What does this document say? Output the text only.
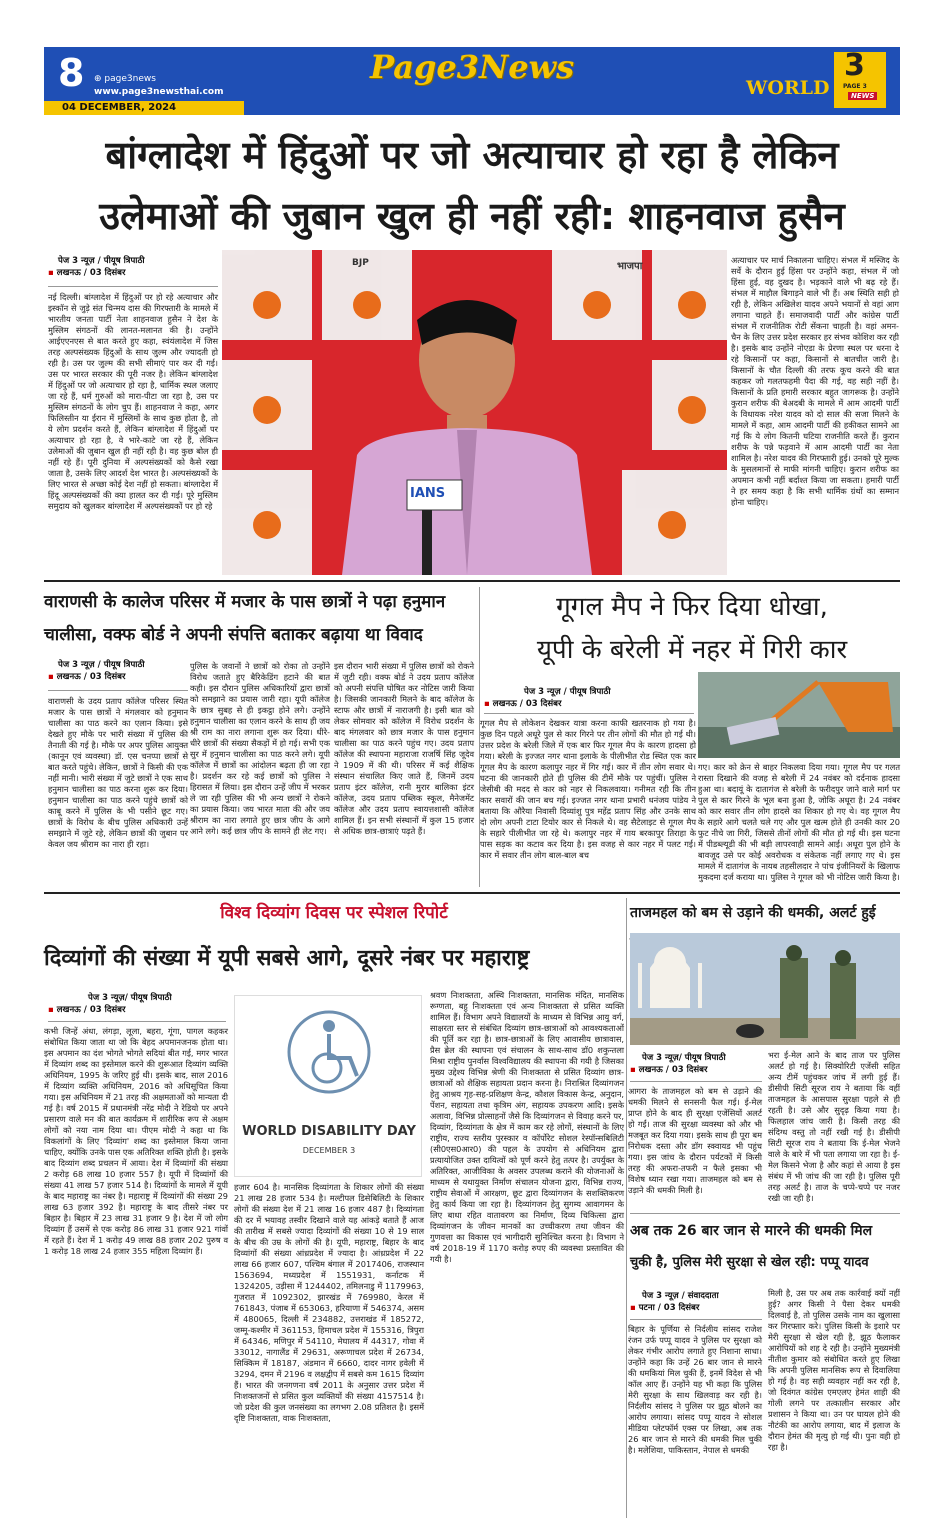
8 ⊕ page3news
www.page3newsthai.com	WORLD
3
PAGE 3
NEWS
04 DECEMBER, 2024
Page3News
बांग्लादेश में हिंदुओं पर जो अत्याचार हो रहा है लेकिन
उलेमाओं की जुबान खुल ही नहीं रही: शाहनवाज हुसैन
पेज 3 न्यूज़ / पीयूष त्रिपाठी
▪ लखनऊ / 03 दिसंबर
नई दिल्ली। बांग्लादेश में हिंदुओं पर हो रहे अत्याचार और इस्कॉन से जुड़े संत चिन्मय दास की गिरफ्तारी के मामले में भारतीय जनता पार्टी नेता शाहनवाज हुसैन ने देश के मुस्लिम संगठनों की लानत-मलानत की है। उन्होंने आईएएनएस से बात करते हुए कहा, स्वंयंलादेश में जिस तरह अल्पसंख्यक हिंदुओं के साथ जुल्म और ज्यादती हो रही है। उस पर जुल्म की सभी सीमाएं पार कर दी गई। उस पर भारत सरकार की पूरी नजर है। लेकिन बांग्लादेश में हिंदुओं पर जो अत्याचार हो रहा है, धार्मिक स्थल जलाए जा रहे हैं, धर्म गुरुओं को मारा-पीटा जा रहा है, उस पर मुस्लिम संगठनों के लोग चुप हैं। शाहनवाज ने कहा, अगर फिलिस्तीन या ईरान में मुस्लिमों के साथ कुछ होता है, तो ये लोग प्रदर्शन करते हैं, लेकिन बांग्लादेश में हिंदुओं पर अत्याचार हो रहा है, वे भारे-काटे जा रहे हैं, लेकिन उलेमाओं की जुबान खुल ही नहीं रही है। वह कुछ बोल ही नहीं रहे हैं। पूरी दुनिया में अल्पसंख्यकों को कैसे रखा जाता है, उसके लिए आदर्श देश भारत है। अल्पसंख्यकों के लिए भारत से अच्छा कोई देश नहीं हो सकता। बांग्लादेश में हिंदू अल्पसंख्यकों की क्या हालत कर दी गई। पूरे मुस्लिम समुदाय को खुलकर बांग्लादेश में अल्पसंख्यकों पर हो रहे
IANS
BJP	भाजपा
अत्याचार पर मार्च निकालना चाहिए। संभल में मस्जिद के सर्वे के दौरान हुई हिंसा पर उन्होंने कहा, संभल में जो हिंसा हुई, वह दुखद है। भड़काने वाले भी बढ़ रहे हैं। संभल में माहौल बिगाड़ने वाले भी हैं। अब स्थिति सही हो रही है, लेकिन अखिलेश यादव अपने भयानों से वहां आग लगाना चाहते हैं। समाजवादी पार्टी और कांग्रेस पार्टी संभल में राजनीतिक रोटी सेंकना चाहती है। वहां अमन-चैन के लिए उत्तर प्रदेश सरकार हर संभव कोशिश कर रही है। इसके बाद उन्होंने नोएडा के प्रेरणा स्थल पर धरना दे रहे किसानों पर कहा, किसानों से बातचीत जारी है। किसानों के चौत दिल्ली की तरफ कूच करने की बात कहकर जो गलतफहमी पैदा की गई, वह सही नहीं है। किसानों के प्रति हमारी सरकार बहुत जागरूक है। उन्होंने कुरान शरीफ की बेअदबी के मामले में आम आदमी पार्टी के विधायक नरेश यादव को दो साल की सजा मिलने के मामले में कहा, आम आदमी पार्टी की हकीकत सामने आ गई कि ये लोग कितनी घटिया राजनीति करते हैं। कुरान शरीफ के पन्ने फड़वाने में आम आदमी पार्टी का नेता शामिल है। नरेश यादव की गिरफ्तारी हुई। उनको पूरे मुल्क के मुसलमानों से माफी मांगनी चाहिए। कुरान शरीफ का अपमान कभी नहीं बर्दाश्त किया जा सकता। हमारी पार्टी ने हर समय कहा है कि सभी धार्मिक ग्रंथों का सम्मान होना चाहिए।
वाराणसी के कालेज परिसर में मजार के पास छात्रों ने पढ़ा हनुमान
चालीसा, वक्फ बोर्ड ने अपनी संपत्ति बताकर बढ़ाया था विवाद
पेज 3 न्यूज़ / पीयूष त्रिपाठी
▪ लखनऊ / 03 दिसंबर
वाराणसी के उदय प्रताप कॉलेज परिसर स्थित मजार के पास छात्रों ने मंगलवार को हनुमान चालीसा का पाठ करने का एलान किया। इसे देखते हुए मौके पर भारी संख्या में पुलिस की तैनाती की गई है। मौके पर अपर पुलिस आयुक्त (कानून एवं व्यवस्था) डॉ. एस चनप्पा छात्रों से बात करते पहुंचे। लेकिन, छात्रों ने किसी की एक नहीं मानी। भारी संख्या में जुटे छात्रों ने एक साथ हनुमान चालीसा का पाठ करना शुरू कर दिया। हनुमान चालीसा का पाठ करने पहुंचे छात्रों को काबू करने में पुलिस के भी पसीने छूट गए। छात्रों के विरोध के बीच पुलिस अधिकारी उन्हें समझाने में जुटे रहे, लेकिन छात्रों की जुबान पर केवल जय श्रीराम का नारा ही रहा।
पुलिस के जवानों ने छात्रों को रोका तो उन्होंने विरोध जताते हुए बैरिकेडिंग हटाने की बात कही। इस दौरान पुलिस अधिकारियों द्वारा छात्रों को समझाने का प्रयास जारी रहा। यूपी कॉलेज के छात्र सुबह से ही इकट्ठा होने लगे। उन्होंने हनुमान चालीसा का एलान करने के साथ ही जय श्री राम का नारा लगाना शुरू कर दिया। धीरे-धीरे छात्रों की संख्या सैकड़ों में हो गई। सभी एक सुर में हनुमान चालीसा का पाठ करने लगे। यूपी कॉलेज में छात्रों का आंदोलन बढ़ता ही जा रहा है। प्रदर्शन कर रहे कई छात्रों को पुलिस ने हिरासत में लिया। इस दौरान उन्हें जीप में भरकर ले जा रही पुलिस की भी अन्य छात्रों ने रोकने का प्रयास किया। जय भारत माता की और जय श्रीराम का नारा लगाते हुए छात्र जीप के आगे आने लगे। कई छात्र जीप के सामने ही लेट गए।
इस दौरान भारी संख्या में पुलिस छात्रों को रोकने में जुटी रही। वक्फ बोर्ड ने उदय प्रताप कॉलेज को अपनी संपत्ति घोषित कर नोटिस जारी किया है। जिसकी जानकारी मिलने के बाद कॉलेज के स्टाफ और छात्रों में नाराजगी है। इसी बात को लेकर सोमवार को कॉलेज में विरोध प्रदर्शन के बाद मंगलवार को छात्र मजार के पास हनुमान चालीसा का पाठ करने पहुंच गए। उदय प्रताप कॉलेज की स्थापना महाराजा राजर्षि सिंह जूदेव ने 1909 में की थी। परिसर में कई शैक्षिक संस्थान संचालित किए जाते हैं, जिनमें उदय प्रताप इंटर कॉलेज, रानी मुरार बालिका इंटर कॉलेज, उदय प्रताप पब्लिक स्कूल, मैनेजमेंट कॉलेज और उदय प्रताप स्वायत्तशासी कॉलेज शामिल हैं। इन सभी संस्थानों में कुल 15 हजार से अधिक छात्र-छात्राएं पढ़ते हैं।
गूगल मैप ने फिर दिया धोखा,
यूपी के बरेली में नहर में गिरी कार
पेज 3 न्यूज़ / पीयूष त्रिपाठी
▪ लखनऊ / 03 दिसंबर
गूगल मैप से लोकेशन देखकर यात्रा करना काफी खतरनाक हो गया है। कुछ दिन पहले अधूरे पुल से कार गिरने पर तीन लोगों की मौत हो गई थी। उत्तर प्रदेश के बरेली जिले में एक बार फिर गूगल मैप के कारण हादसा हो गया। बरेली के इज्जत नगर थाना इलाके के पीलीभीत रोड स्थित एक कार गूगल मैप के कारण कलापुर नहर में गिर गई। कार में तीन लोग सवार थे। घटना की जानकारी होते ही पुलिस की टीमें मौके पर पहुंचीं। पुलिस ने जेसीबी की मदद से कार को नहर से निकलवाया। गनीमत रही कि तीन कार सवारों की जान बच गई। इज्जत नगर थाना प्रभारी धनंजय पांडेय ने बताया कि औरैया निवासी दिव्यांशु पुत्र महेंद्र प्रताप सिंह और उनके साथ दो लोग अपनी टाटा टियोर कार से निकले थे। वह सैटेलाइट से गूगल मैप के सहारे पीलीभीत जा रहे थे। कलापुर नहर में गाय बरकापुर तिराहा के पास सड़क का कटाव कर दिया है। इस वजह से कार नहर में पलट गई। कार में सवार तीन लोग बाल-बाल बच
गए। कार को क्रेन से बाहर निकलवा दिया गया। गूगल मैप पर गलत रास्ता दिखाने की वजह से बरेली में 24 नवंबर को दर्दनाक हादसा हुआ था। बदायूं के दातागंज से बरेली के फरीदपुर जाने वाले मार्ग पर पुल से कार गिरने के भूल बना हुआ है, जोकि अधूरा है। 24 नवंबर को कार सवार तीन लोग हादसे का शिकार हो गए थे। वह गूगल मैप के सहारे आगे चलते चले गए और पुल खत्म होते ही उनकी कार 20 फुट नीचे जा गिरी, जिससे तीनों लोगों की मौत हो गई थी। इस घटना में पीडब्ल्यूडी की भी बड़ी लापरवाही सामने आई। अधूरा पुल होने के बावजूद उसे पर कोई अवरोधक व संकेतक नहीं लगाए गए थे। इस मामले में दातागंज के नायब तहसीलदार ने पांच इंजीनियरों के खिलाफ मुकदमा दर्ज कराया था। पुलिस ने गूगल को भी नोटिस जारी किया है।
विश्व दिव्यांग दिवस पर स्पेशल रिपोर्ट
दिव्यांगों की संख्या में यूपी सबसे आगे, दूसरे नंबर पर महाराष्ट्र
पेज 3 न्यूज़/ पीयूष त्रिपाठी
▪ लखनऊ / 03 दिसंबर
कभी जिन्हें अंधा, लंगड़ा, लूला, बहरा, गूंगा, पागल कहकर संबोधित किया जाता था जो कि बेहद अपमानजनक होता था। इस अपमान का दंश भोगते भोगते सदियां बीत गई, मगर भारत में दिव्यांग शब्द का इस्तेमाल करने की शुरूआत दिव्यांग व्यक्ति अधिनियम, 1995 के जरिए हुई थी। इसके बाद, साल 2016 में दिव्यांग व्यक्ति अधिनियम, 2016 को अधिसूचित किया गया। इस अधिनियम में 21 तरह की अक्षमताओं को मान्यता दी गई है। वर्ष 2015 में प्रधानमंत्री नरेंद्र मोदी ने रेडियो पर अपने प्रसारण वाले मन की बात कार्यक्रम में शारीरिक रूप से अक्षम लोगों को नया नाम दिया था। पीएम मोदी ने कहा था कि विकलांगों के लिए 'दिव्यांग' शब्द का इस्तेमाल किया जाना चाहिए, क्योंकि उनके पास एक अतिरिक्त शक्ति होती है। इसके बाद दिव्यांग शब्द प्रचलन में आया। देश में दिव्यांगों की संख्या 2 करोड़ 68 लाख 10 हजार 557 है। यूपी में दिव्यांगों की संख्या 41 लाख 57 हजार 514 है। दिव्यांगों के मामले में यूपी के बाद महाराष्ट्र का नंबर है। महाराष्ट्र में दिव्यांगों की संख्या 29 लाख 63 हजार 392 है। महाराष्ट्र के बाद तीसरे नंबर पर बिहार है। बिहार में 23 लाख 31 हजार 9 है। देश में जो लोग दिव्यांग हैं उसमें से एक करोड़ 86 लाख 31 हजार 921 गांवों में रहते हैं। देश में 1 करोड़ 49 लाख 88 हजार 202 पुरुष व 1 करोड़ 18 लाख 24 हजार 355 महिला दिव्यांग हैं।
WORLD DISABILITY DAY
DECEMBER 3
हजार 604 है। मानसिक दिव्यांगता के शिकार लोगों की संख्या 21 लाख 28 हजार 534 है। मल्टीपल डिसेबिलिटी के शिकार लोगों की संख्या देश में 21 लाख 16 हजार 487 है। दिव्यांगता की दर में भयावह तस्वीर दिखाने वाले यह आंकड़े बताते हैं आज की तारीख में सबसे ज्यादा दिव्यांगों की संख्या 10 से 19 साल के बीच की उम्र के लोगों की है। यूपी, महाराष्ट्र, बिहार के बाद दिव्यांगों की संख्या आंध्रप्रदेश में ज्यादा है। आंध्रप्रदेश में 22 लाख 66 हजार 607, पश्चिम बंगाल में 2017406, राजस्थान 1563694, मध्यप्रदेश में 1551931, कर्नाटक में 1324205, उड़ीसा में 1244402, तमिलनाडु में 1179963, गुजरात में 1092302, झारखंड में 769980, केरल में 761843, पंजाब में 653063, हरियाणा में 546374, असम में 480065, दिल्ली में 234882, उत्तराखंड में 185272, जम्मू-कश्मीर में 361153, हिमाचल प्रदेश में 155316, त्रिपुरा में 64346, मणिपुर में 54110, मेघालय में 44317, गोवा में 33012, नागालैंड में 29631, अरूणाचल प्रदेश में 26734, सिक्किम में 18187, अंडमान में 6660, दादर नागर हवेली में 3294, दमन में 2196 व लक्षद्वीप में सबसे कम 1615 दिव्यांग हैं। भारत की जनगणना वर्ष 2011 के अनुसार उत्तर प्रदेश में निःशक्तजनों से प्रसित कुल व्यक्तियों की संख्या 4157514 है। जो प्रदेश की कुल जनसंख्या का लगभग 2.08 प्रतिशत है। इसमें दृष्टि निःशक्तता, वाक निःशक्तता,
श्रवण निःशक्तता, अस्थि निःशक्तता, मानसिक मंदित, मानसिक रूग्णता, बहु निःशक्तता एवं अन्य निःशक्तता से प्रसित व्यक्ति शामिल हैं। विभाग अपने विद्यालयों के माध्यम से विभिन्न आयु वर्ग, साक्षरता स्तर से संबंधित दिव्यांग छात्र-छात्राओं को आवश्यकताओं की पूर्ति कर रहा है। छात्र-छात्राओं के लिए आवासीय छात्रावास, प्रैस ब्रेल की स्थापना एवं संचालन के साथ-साथ डॉ0 शकुन्तला मिश्रा राष्ट्रीय पुनर्वास विश्वविद्यालय की स्थापना की गयी है जिसका मुख्य उद्देश्य विभिन्न श्रेणी की निःशक्तता से प्रसित दिव्यांग छात्र-छात्राओं को शैक्षिक सहायता प्रदान करना है। निराश्रित दिव्यांगजन हेतु आश्रय गृह-सह-प्रशिक्षण केन्द्र, कौशल विकास केन्द्र, अनुदान, पेंशन, सहायता तथा कृत्रिम अंग, सहायक उपकरण आदि। इसके अलावा, विभिन्न प्रोत्साहनों जैसे कि दिव्यांगजन से विवाह करने पर, दिव्यांग, दिव्यांगता के क्षेत्र में काम कर रहे लोगों, संस्थानों के लिए राष्ट्रीय, राज्य स्तरीय पुरस्कार व कॉर्पोरेट सोशल रेस्पॉन्सबिलिटी (सी0एस0आर0) की पहल के उपयोग से अधिनियम द्वारा प्रत्यायोजित उक्त दायित्वों को पूर्ण करने हेतु तत्पर है। उपर्युक्त के अतिरिक्त, आजीविका के अवसर उपलब्ध कराने की योजनाओं के माध्यम से यथायुक्त निर्माण संचालन योजना द्वारा, विभिन्न राज्य, राष्ट्रीय सेवाओं में आरक्षण, छूट द्वारा दिव्यांगजन के सशक्तिकरण हेतु कार्य किया जा रहा है। दिव्यांगजन हेतु सुगम्य आवागमन के लिए बाधा रहित वातावरण का निर्माण, दिव्य चिकित्सा द्वारा दिव्यांगजन के जीवन मानकों का उच्चीकरण तथा जीवन की गुणवत्ता का विकास एवं भागीदारी सुनिश्चित करना है। विभाग ने वर्ष 2018-19 में 1170 करोड़ रुपए की व्यवस्था प्रस्तावित की गयी है।
ताजमहल को बम से उड़ाने की धमकी, अलर्ट हुई
पेज 3 न्यूज़/ पीयूष त्रिपाठी
▪ लखनऊ / 03 दिसंबर
आगरा के ताजमहल को बम से उड़ाने की धमकी मिलने से सनसनी फैल गई। ई-मेल प्राप्त होने के बाद ही सुरक्षा एजेंसियों अलर्ट हो गईं। ताज की सुरक्षा व्यवस्था को और भी मजबूत कर दिया गया। इसके साथ ही पूरा बम निरोधक दस्ता और डॉग स्क्वायड भी पहुंच गया। इस जांच के दौरान पर्यटकों में किसी तरह की अफरा-तफरी न फैले इसका भी विशेष ध्यान रखा गया। ताजमहल को बम से उड़ाने की धमकी मिली है।
भरा ई-मेल आने के बाद ताज पर पुलिस अलर्ट हो गई है। सिक्योरिटी एजेंसी सहित अन्य टीमें पहुंचकर जांच में लगी हुई हैं। डीसीपी सिटी सूरज राय ने बताया कि वहीं ताजमहल के आसपास सुरक्षा पहले से ही रहती है। उसे और सुदृढ़ किया गया है। फिलहाल जांच जारी है। किसी तरह की संदिग्ध वस्तु तो नहीं रखी गई है। डीसीपी सिटी सूरज राय ने बताया कि ई-मेल भेजने वाले के बारे में भी पता लगाया जा रहा है। ई-मेल किसने भेजा है और कहां से आया है इस संबंध में भी जांच की जा रही है। पुलिस पूरी तरह अलर्ट है। ताज के चप्पे-चप्पे पर नजर रखी जा रही है।
अब तक 26 बार जान से मारने की धमकी मिल
चुकी है, पुलिस मेरी सुरक्षा से खेल रही: पप्पू यादव
पेज 3 न्यूज़ / संवाददाता
▪ पटना / 03 दिसंबर
बिहार के पूर्णिया से निर्दलीय सांसद राजेश रंजन उर्फ पप्पू यादव ने पुलिस पर सुरक्षा को लेकर गंभीर आरोप लगाते हुए निशाना साधा। उन्होंने कहा कि उन्हें 26 बार जान से मारने की धमकियां मिल चुकी हैं, इनमें विदेश से भी कॉल आए हैं। उन्होंने यह भी कहा कि पुलिस मेरी सुरक्षा के साथ खिलवाड़ कर रही है। निर्दलीय सांसद ने पुलिस पर झूठ बोलने का आरोप लगाया। सांसद पप्पू यादव ने सोशल मीडिया प्लेटफॉर्म एक्स पर लिखा, अब तक 26 बार जान से मारने की धमकी मिल चुकी है। मलेशिया, पाकिस्तान, नेपाल से धमकी
मिली है, उस पर अब तक कार्रवाई क्यों नहीं हुई? अगर किसी ने पैसा देकर धमकी दिलवाई है, तो पुलिस उसके नाम का खुलासा कर गिरफ्तार करे। पुलिस किसी के इशारे पर मेरी सुरक्षा से खेल रही है, झूठ फैलाकर आरोपियों को शह दे रही है। उन्होंने मुख्यमंत्री नीतीश कुमार को संबोधित करते हुए लिखा कि अपनी पुलिस मानसिक रूप से दिवालिया हो गई है। वह सही व्यवहार नहीं कर रही है, जो दिवंगत कांग्रेस एमएलए हेमंत शाही की गोली लगने पर तत्कालीन सरकार और प्रशासन ने किया था। उन पर घायल होने की नौटंकी का आरोप लगाया, बाद में इलाज के दौरान हेमंत की मृत्यु हो गई थी। पुनः वही हो रहा है।
